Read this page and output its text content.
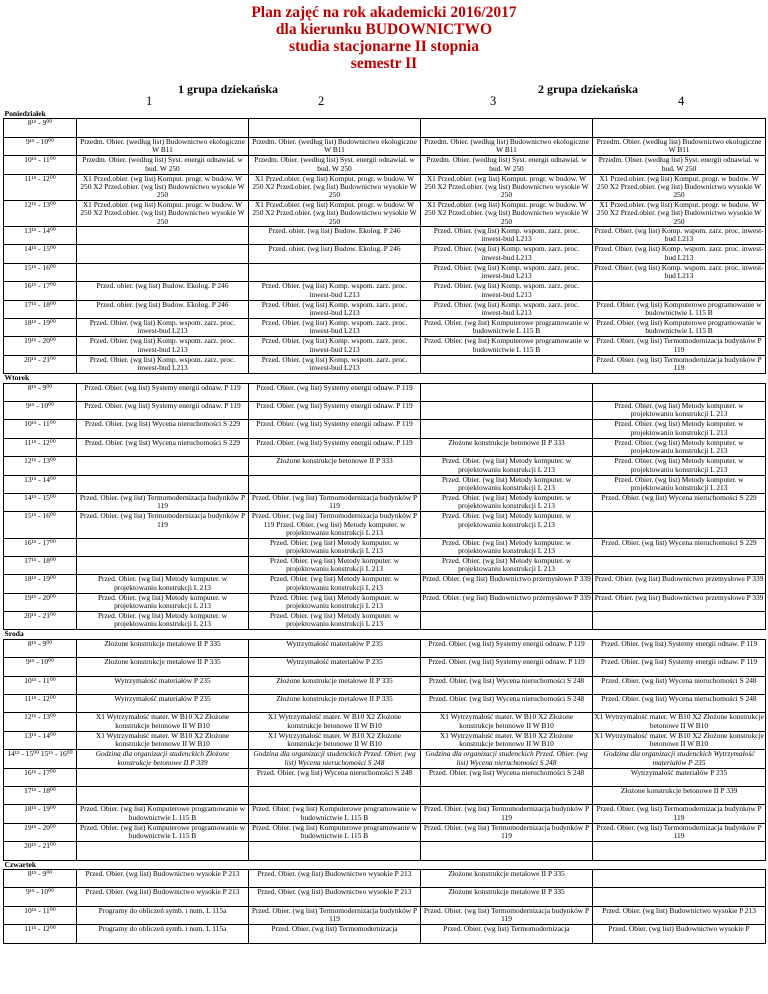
Plan zajęć na rok akademicki 2016/2017
dla kierunku BUDOWNICTWO
studia stacjonarne II stopnia
semestr II
1 grupa dziekańska	2 grupa dziekańska
1	2	3	4
Poniedziałek				
8¹⁵ - 9⁰⁰				
9¹⁵ - 10⁰⁰	Przedm. Obier. (według list) Budownictwo ekologiczne W B11	Przedm. Obier. (według list) Budownictwo ekologiczne W B11	Przedm. Obier. (według list) Budownictwo ekologiczne W B11	Przedm. Obier. (według list) Budownictwo ekologiczne W B11
10¹⁵ - 11⁰⁰	Przedm. Obier. (według list) Syst. energii odnawial. w bud. W 250	Przedm. Obier. (według list) Syst. energii odnawial. w bud. W 250	Przedm. Obier. (według list) Syst. energii odnawial. w bud. W 250	Przedm. Obier. (według list) Syst. energii odnawial. w bud. W 250
11¹⁵ - 12⁰⁰	X1 Przed.obier. (wg list) Komput. progr. w budow. W 250 X2 Przed.obier. (wg list) Budownictwo wysokie W 250	X1 Przed.obier. (wg list) Komput. progr. w budow. W 250 X2 Przed.obier. (wg list) Budownictwo wysokie W 250	X1 Przed.obier. (wg list) Komput. progr. w budow. W 250 X2 Przed.obier. (wg list) Budownictwo wysokie W 250	X1 Przed.obier. (wg list) Komput. progr. w budow. W 250 X2 Przed.obier. (wg list) Budownictwo wysokie W 250
12¹⁵ - 13⁰⁰	X1 Przed.obier. (wg list) Komput. progr. w budow. W 250 X2 Przed.obier. (wg list) Budownictwo wysokie W 250	X1 Przed.obier. (wg list) Komput. progr. w budow. W 250 X2 Przed.obier. (wg list) Budownictwo wysokie W 250	X1 Przed.obier. (wg list) Komput. progr. w budow. W 250 X2 Przed.obier. (wg list) Budownictwo wysokie W 250	X1 Przed.obier. (wg list) Komput. progr. w budow. W 250 X2 Przed.obier. (wg list) Budownictwo wysokie W 250
13¹⁵ - 14⁰⁰		Przed. obier. (wg list) Budow. Ekolog. P 246	Przed. Obier. (wg list) Komp. wspom. zarz. proc. inwest-bud L213	Przed. Obier. (wg list) Komp. wspom. zarz. proc. inwest-bud L213
14¹⁵ - 15⁰⁰		Przed. obier. (wg list) Budow. Ekolog. P 246	Przed. Obier. (wg list) Komp. wspom. zarz. proc. inwest-bud L213	Przed. Obier. (wg list) Komp. wspom. zarz. proc. inwest-bud L213
15¹⁵ - 16⁰⁰			Przed. Obier. (wg list) Komp. wspom. zarz. proc. inwest-bud L213	Przed. Obier. (wg list) Komp. wspom. zarz. proc. inwest-bud L213
16¹⁵ - 17⁰⁰	Przed. obier. (wg list) Budow. Ekolog. P 246	Przed. Obier. (wg list) Komp. wspom. zarz. proc. inwest-bud L213	Przed. Obier. (wg list) Komp. wspom. zarz. proc. inwest-bud L213	
17¹⁵ - 18⁰⁰	Przed. obier. (wg list) Budow. Ekolog. P 246	Przed. Obier. (wg list) Komp. wspom. zarz. proc. inwest-bud L213	Przed. Obier. (wg list) Komp. wspom. zarz. proc. inwest-bud L213	Przed. Obier. (wg list) Komputerowe programowanie w budownictwie L 115 B
18¹⁵ - 19⁰⁰	Przed. Obier. (wg list) Komp. wspom. zarz. proc. inwest-bud L213	Przed. Obier. (wg list) Komp. wspom. zarz. proc. inwest-bud L213	Przed. Obier. (wg list) Komputerowe programowanie w budownictwie L 115 B	Przed. Obier. (wg list) Komputerowe programowanie w budownictwie L 115 B
19¹⁵ - 20⁰⁰	Przed. Obier. (wg list) Komp. wspom. zarz. proc. inwest-bud L213	Przed. Obier. (wg list) Komp. wspom. zarz. proc. inwest-bud L213	Przed. Obier. (wg list) Komputerowe programowanie w budownictwie L 115 B	Przed. Obier. (wg list) Termomodernizacja budynków P 119
20¹⁵ - 21⁰⁰	Przed. Obier. (wg list) Komp. wspom. zarz. proc. inwest-bud L213	Przed. Obier. (wg list) Komp. wspom. zarz. proc. inwest-bud L213		Przed. Obier. (wg list) Termomodernizacja budynków P 119
Wtorek				
8¹⁵ - 9⁰⁰	Przed. Obier. (wg list) Systemy energii odnaw. P 119	Przed. Obier. (wg list) Systemy energii odnaw. P 119		
9¹⁵ - 10⁰⁰	Przed. Obier. (wg list) Systemy energii odnaw. P 119	Przed. Obier. (wg list) Systemy energii odnaw. P 119		Przed. Obier. (wg list) Metody komputer. w projektowaniu konstrukcji L 213
10¹⁵ - 11⁰⁰	Przed. Obier. (wg list) Wycena nieruchomości S 229	Przed. Obier. (wg list) Systemy energii odnaw. P 119		Przed. Obier. (wg list) Metody komputer. w projektowaniu konstrukcji L 213
11¹⁵ - 12⁰⁰	Przed. Obier. (wg list) Wycena nieruchomości S 229	Przed. Obier. (wg list) Systemy energii odnaw. P 119	Złożone konstrukcje betonowe II P 333	Przed. Obier. (wg list) Metody komputer. w projektowaniu konstrukcji L 213
12¹⁵ - 13⁰⁰		Złożone konstrukcje betonowe II P 333	Przed. Obier. (wg list) Metody komputer. w projektowaniu konstrukcji L 213	Przed. Obier. (wg list) Metody komputer. w projektowaniu konstrukcji L 213
13¹⁵ - 14⁰⁰			Przed. Obier. (wg list) Metody komputer. w projektowaniu konstrukcji L 213	Przed. Obier. (wg list) Metody komputer. w projektowaniu konstrukcji L 213
14¹⁵ - 15⁰⁰	Przed. Obier. (wg list) Termomodernizacja budynków P 119	Przed. Obier. (wg list) Termomodernizacja budynków P 119	Przed. Obier. (wg list) Metody komputer. w projektowaniu konstrukcji L 213	Przed. Obier. (wg list) Wycena nieruchomości S 229
15¹⁵ - 16⁰⁰	Przed. Obier. (wg list) Termomodernizacja budynków P 119	Przed. Obier. (wg list) Termomodernizacja budynków P 119 Przed. Obier. (wg list) Metody komputer. w projektowaniu konstrukcji L 213	Przed. Obier. (wg list) Metody komputer. w projektowaniu konstrukcji L 213	
16¹⁵ - 17⁰⁰		Przed. Obier. (wg list) Metody komputer. w projektowaniu konstrukcji L 213	Przed. Obier. (wg list) Metody komputer. w projektowaniu konstrukcji L 213	Przed. Obier. (wg list) Wycena nieruchomości S 229
17¹⁵ - 18⁰⁰		Przed. Obier. (wg list) Metody komputer. w projektowaniu konstrukcji L 213	Przed. Obier. (wg list) Metody komputer. w projektowaniu konstrukcji L 213	
18¹⁵ - 19⁰⁰	Przed. Obier. (wg list) Metody komputer. w projektowaniu konstrukcji L 213	Przed. Obier. (wg list) Metody komputer. w projektowaniu konstrukcji L 213	Przed. Obier. (wg list) Budownictwo przemysłowe P 339	Przed. Obier. (wg list) Budownictwo przemysłowe P 339
19¹⁵ - 20⁰⁰	Przed. Obier. (wg list) Metody komputer. w projektowaniu konstrukcji L 213	Przed. Obier. (wg list) Metody komputer. w projektowaniu konstrukcji L 213	Przed. Obier. (wg list) Budownictwo przemysłowe P 339	Przed. Obier. (wg list) Budownictwo przemysłowe P 339
20¹⁵ - 21⁰⁰	Przed. Obier. (wg list) Metody komputer. w projektowaniu konstrukcji L 213	Przed. Obier. (wg list) Metody komputer. w projektowaniu konstrukcji L 213		
Środa				
8¹⁵ - 9⁰⁰	Złożone konstrukcje metalowe II P 335	Wytrzymałość materiałów P 235	Przed. Obier. (wg list) Systemy energii odnaw. P 119	Przed. Obier. (wg list) Systemy energii odnaw. P 119
9¹⁵ - 10⁰⁰	Złożone konstrukcje metalowe II P 335	Wytrzymałość materiałów P 235	Przed. Obier. (wg list) Systemy energii odnaw. P 119	Przed. Obier. (wg list) Systemy energii odnaw. P 119
10¹⁵ - 11⁰⁰	Wytrzymałość materiałów P 235	Złożone konstrukcje metalowe II P 335	Przed. Obier. (wg list) Wycena nieruchomości S 248	Przed. Obier. (wg list) Wycena nieruchomości S 248
11¹⁵ - 12⁰⁰	Wytrzymałość materiałów P 235	Złożone konstrukcje metalowe II P 335	Przed. Obier. (wg list) Wycena nieruchomości S 248	Przed. Obier. (wg list) Wycena nieruchomości S 248
12¹⁵ - 13⁰⁰	X1 Wytrzymałość mater. W B10 X2 Złożone konstrukcje betonowe II W B10	X1 Wytrzymałość mater. W B10 X2 Złożone konstrukcje betonowe II W B10	X1 Wytrzymałość mater. W B10 X2 Złożone konstrukcje betonowe II W B10	X1 Wytrzymałość mater. W B10 X2 Złożone konstrukcje betonowe II W B10
13¹⁵ - 14⁰⁰	X1 Wytrzymałość mater. W B10 X2 Złożone konstrukcje betonowe II W B10	X1 Wytrzymałość mater. W B10 X2 Złożone konstrukcje betonowe II W B10	X1 Wytrzymałość mater. W B10 X2 Złożone konstrukcje betonowe II W B10	X1 Wytrzymałość mater. W B10 X2 Złożone konstrukcje betonowe II W B10
14¹⁵ - 15⁰⁰ 15¹⁵ - 16⁰⁰	Godzina dla organizacji studenckich Złożone konstrukcje betonowe II P 339	Godzina dla organizacji studenckich Przed. Obier. (wg list) Wycena nieruchomości S 248	Godzina dla organizacji studenckich Przed. Obier. (wg list) Wycena nieruchomości S 248	Godzina dla organizacji studenckich Wytrzymałość materiałów P 235
16¹⁵ - 17⁰⁰		Przed. Obier. (wg list) Wycena nieruchomości S 248	Przed. Obier. (wg list) Wycena nieruchomości S 248	Wytrzymałość materiałów P 235
17¹⁵ - 18⁰⁰				Złożone konstrukcje betonowe II P 339
18¹⁵ - 19⁰⁰	Przed. Obier. (wg list) Komputerowe programowanie w budownictwie L 115 B	Przed. Obier. (wg list) Komputerowe programowanie w budownictwie L 115 B	Przed. Obier. (wg list) Termomodernizacja budynków P 119	Przed. Obier. (wg list) Termomodernizacja budynków P 119
19¹⁵ - 20⁰⁰	Przed. Obier. (wg list) Komputerowe programowanie w budownictwie L 115 B	Przed. Obier. (wg list) Komputerowe programowanie w budownictwie L 115 B	Przed. Obier. (wg list) Termomodernizacja budynków P 119	Przed. Obier. (wg list) Termomodernizacja budynków P 119
20¹⁵ - 21⁰⁰				
Czwartek				
8¹⁵ - 9⁰⁰	Przed. Obier. (wg list) Budownictwo wysokie P 213	Przed. Obier. (wg list) Budownictwo wysokie P 213	Złożone konstrukcje metalowe II P 335	
9¹⁵ - 10⁰⁰	Przed. Obier. (wg list) Budownictwo wysokie P 213	Przed. Obier. (wg list) Budownictwo wysokie P 213	Złożone konstrukcje metalowe II P 335	
10¹⁵ - 11⁰⁰	Programy do obliczeń symb. i num. L 115a	Przed. Obier. (wg list) Termomodernizacja budynków P 119	Przed. Obier. (wg list) Termomodernizacja budynków P 119	Przed. Obier. (wg list) Budownictwo wysokie P 213
11¹⁵ - 12⁰⁰	Programy do obliczeń symb. i num. L 115a	Przed. Obier. (wg list) Termomodernizacja	Przed. Obier. (wg list) Termomodernizacja	Przed. Obier. (wg list) Budownictwo wysokie P
